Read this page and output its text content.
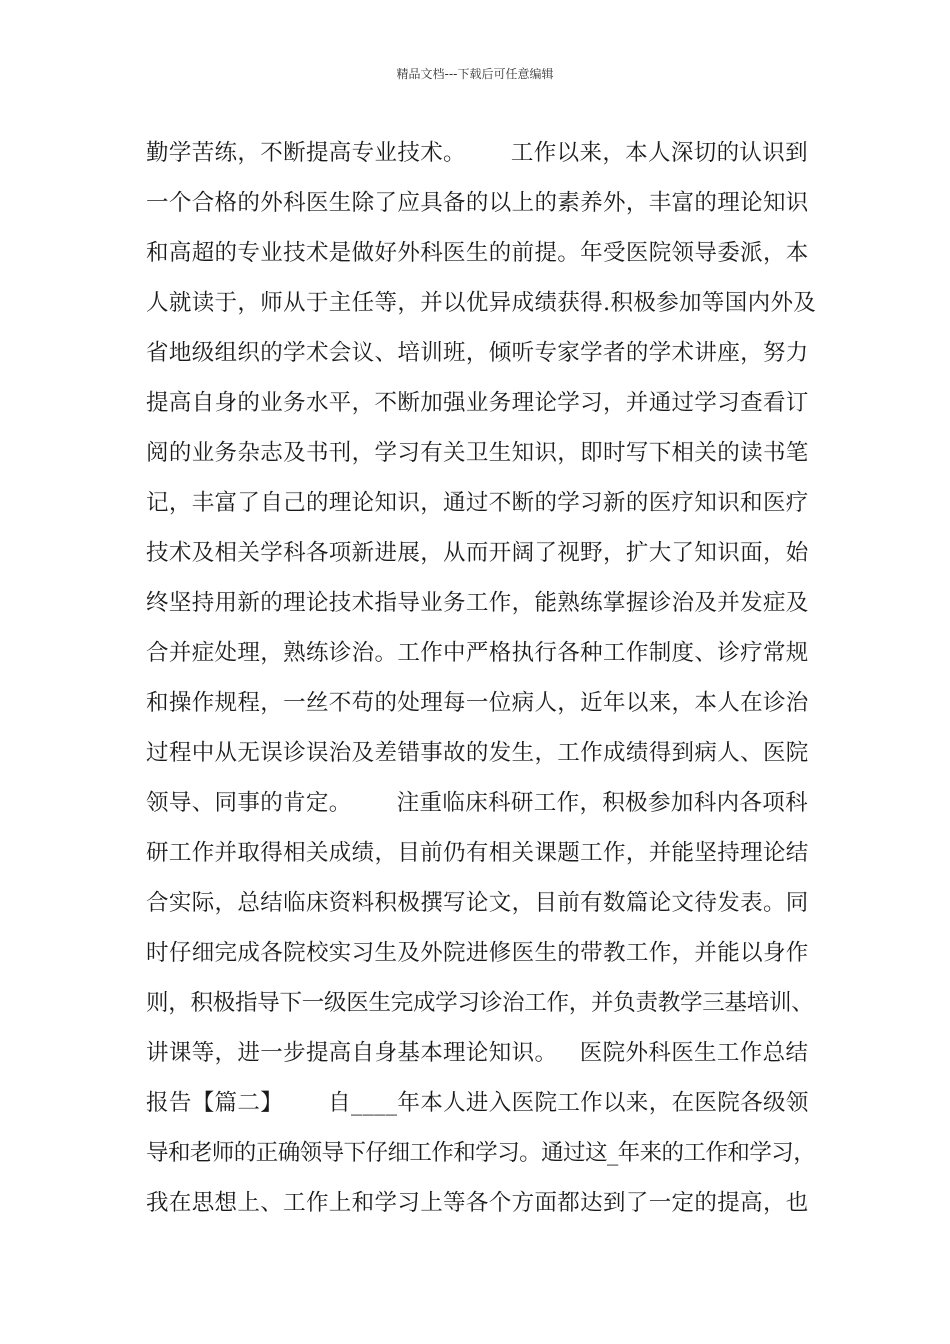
精品文档---下载后可任意编辑
勤学苦练，不断提高专业技术。      工作以来，本人深切的认识到
一个合格的外科医生除了应具备的以上的素养外，丰富的理论知识
和高超的专业技术是做好外科医生的前提。年受医院领导委派，本
人就读于，师从于主任等，并以优异成绩获得.积极参加等国内外及
省地级组织的学术会议、培训班，倾听专家学者的学术讲座，努力
提高自身的业务水平，不断加强业务理论学习，并通过学习查看订
阅的业务杂志及书刊，学习有关卫生知识，即时写下相关的读书笔
记，丰富了自己的理论知识，通过不断的学习新的医疗知识和医疗
技术及相关学科各项新进展，从而开阔了视野，扩大了知识面，始
终坚持用新的理论技术指导业务工作，能熟练掌握诊治及并发症及
合并症处理，熟练诊治。工作中严格执行各种工作制度、诊疗常规
和操作规程，一丝不苟的处理每一位病人，近年以来，本人在诊治
过程中从无误诊误治及差错事故的发生，工作成绩得到病人、医院
领导、同事的肯定。      注重临床科研工作，积极参加科内各项科
研工作并取得相关成绩，目前仍有相关课题工作，并能坚持理论结
合实际，总结临床资料积极撰写论文，目前有数篇论文待发表。同
时仔细完成各院校实习生及外院进修医生的带教工作，并能以身作
则，积极指导下一级医生完成学习诊治工作，并负责教学三基培训、
讲课等，进一步提高自身基本理论知识。   医院外科医生工作总结
报告【篇二】      自____年本人进入医院工作以来，在医院各级领
导和老师的正确领导下仔细工作和学习。通过这_年来的工作和学习，
我在思想上、工作上和学习上等各个方面都达到了一定的提高，也
